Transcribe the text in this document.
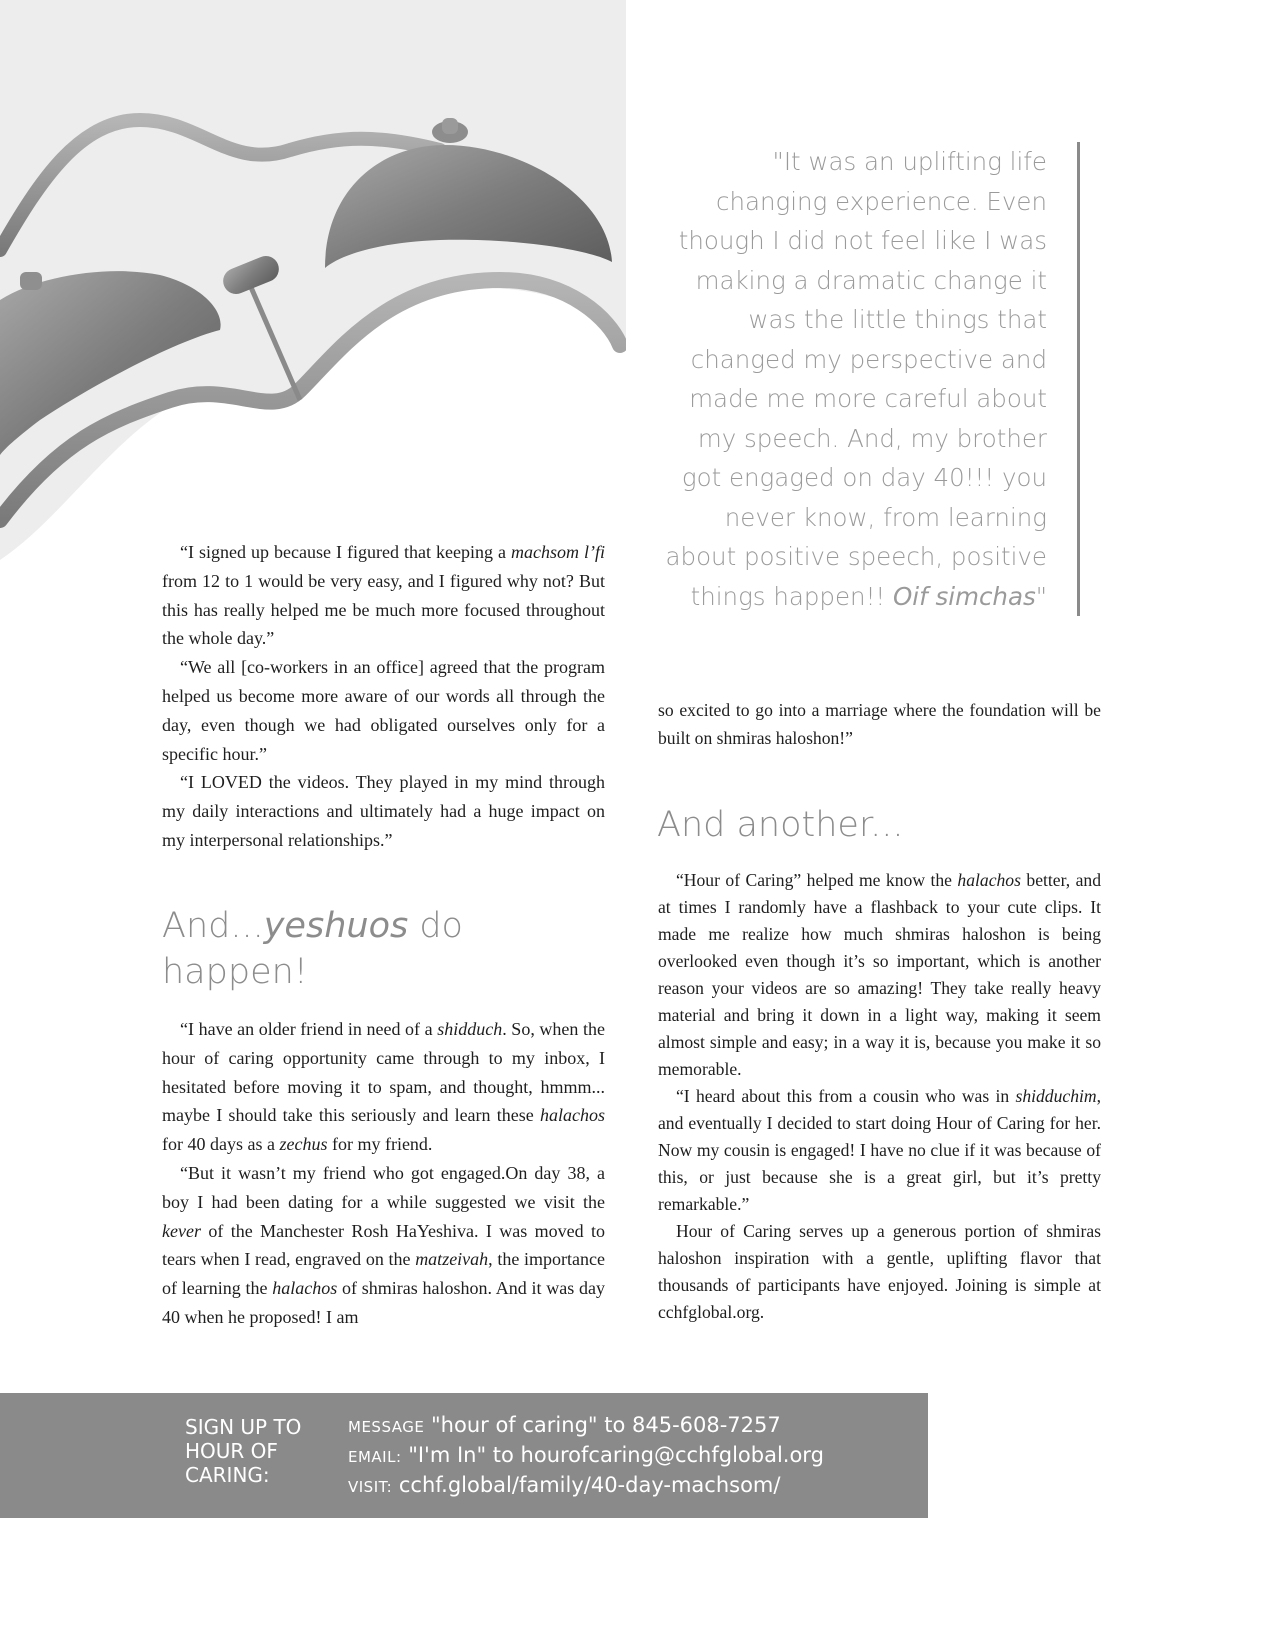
"It was an uplifting life changing experience. Even though I did not feel like I was making a dramatic change it was the little things that changed my perspective and made me more careful about my speech. And, my brother got engaged on day 40!!! you never know, from learning about positive speech, positive things happen!! Oif simchas"

“I signed up because I figured that keeping a machsom l’fi from 12 to 1 would be very easy, and I figured why not? But this has really helped me be much more focused throughout the whole day.”

“We all [co-workers in an office] agreed that the program helped us become more aware of our words all through the day, even though we had obligated ourselves only for a specific hour.”

“I LOVED the videos. They played in my mind through my daily interactions and ultimately had a huge impact on my interpersonal relationships.”

And...yeshuos do happen!

“I have an older friend in need of a shidduch. So, when the hour of caring opportunity came through to my inbox, I hesitated before moving it to spam, and thought, hmmm... maybe I should take this seriously and learn these halachos for 40 days as a zechus for my friend.

“But it wasn’t my friend who got engaged.On day 38, a boy I had been dating for a while suggested we visit the kever of the Manchester Rosh HaYeshiva. I was moved to tears when I read, engraved on the matzeivah, the importance of learning the halachos of shmiras haloshon. And it was day 40 when he proposed! I am

so excited to go into a marriage where the foundation will be built on shmiras haloshon!”

And another...

“Hour of Caring” helped me know the halachos better, and at times I randomly have a flashback to your cute clips. It made me realize how much shmiras haloshon is being overlooked even though it’s so important, which is another reason your videos are so amazing! They take really heavy material and bring it down in a light way, making it seem almost simple and easy; in a way it is, because you make it so memorable.

“I heard about this from a cousin who was in shidduchim, and eventually I decided to start doing Hour of Caring for her. Now my cousin is engaged! I have no clue if it was because of this, or just because she is a great girl, but it’s pretty remarkable.”

Hour of Caring serves up a generous portion of shmiras haloshon inspiration with a gentle, uplifting flavor that thousands of participants have enjoyed. Joining is simple at cchfglobal.org.

SIGN UP TO HOUR OF CARING:
MESSAGE "hour of caring" to 845-608-7257
EMAIL: "I'm In" to hourofcaring@cchfglobal.org
VISIT: cchf.global/family/40-day-machsom/
